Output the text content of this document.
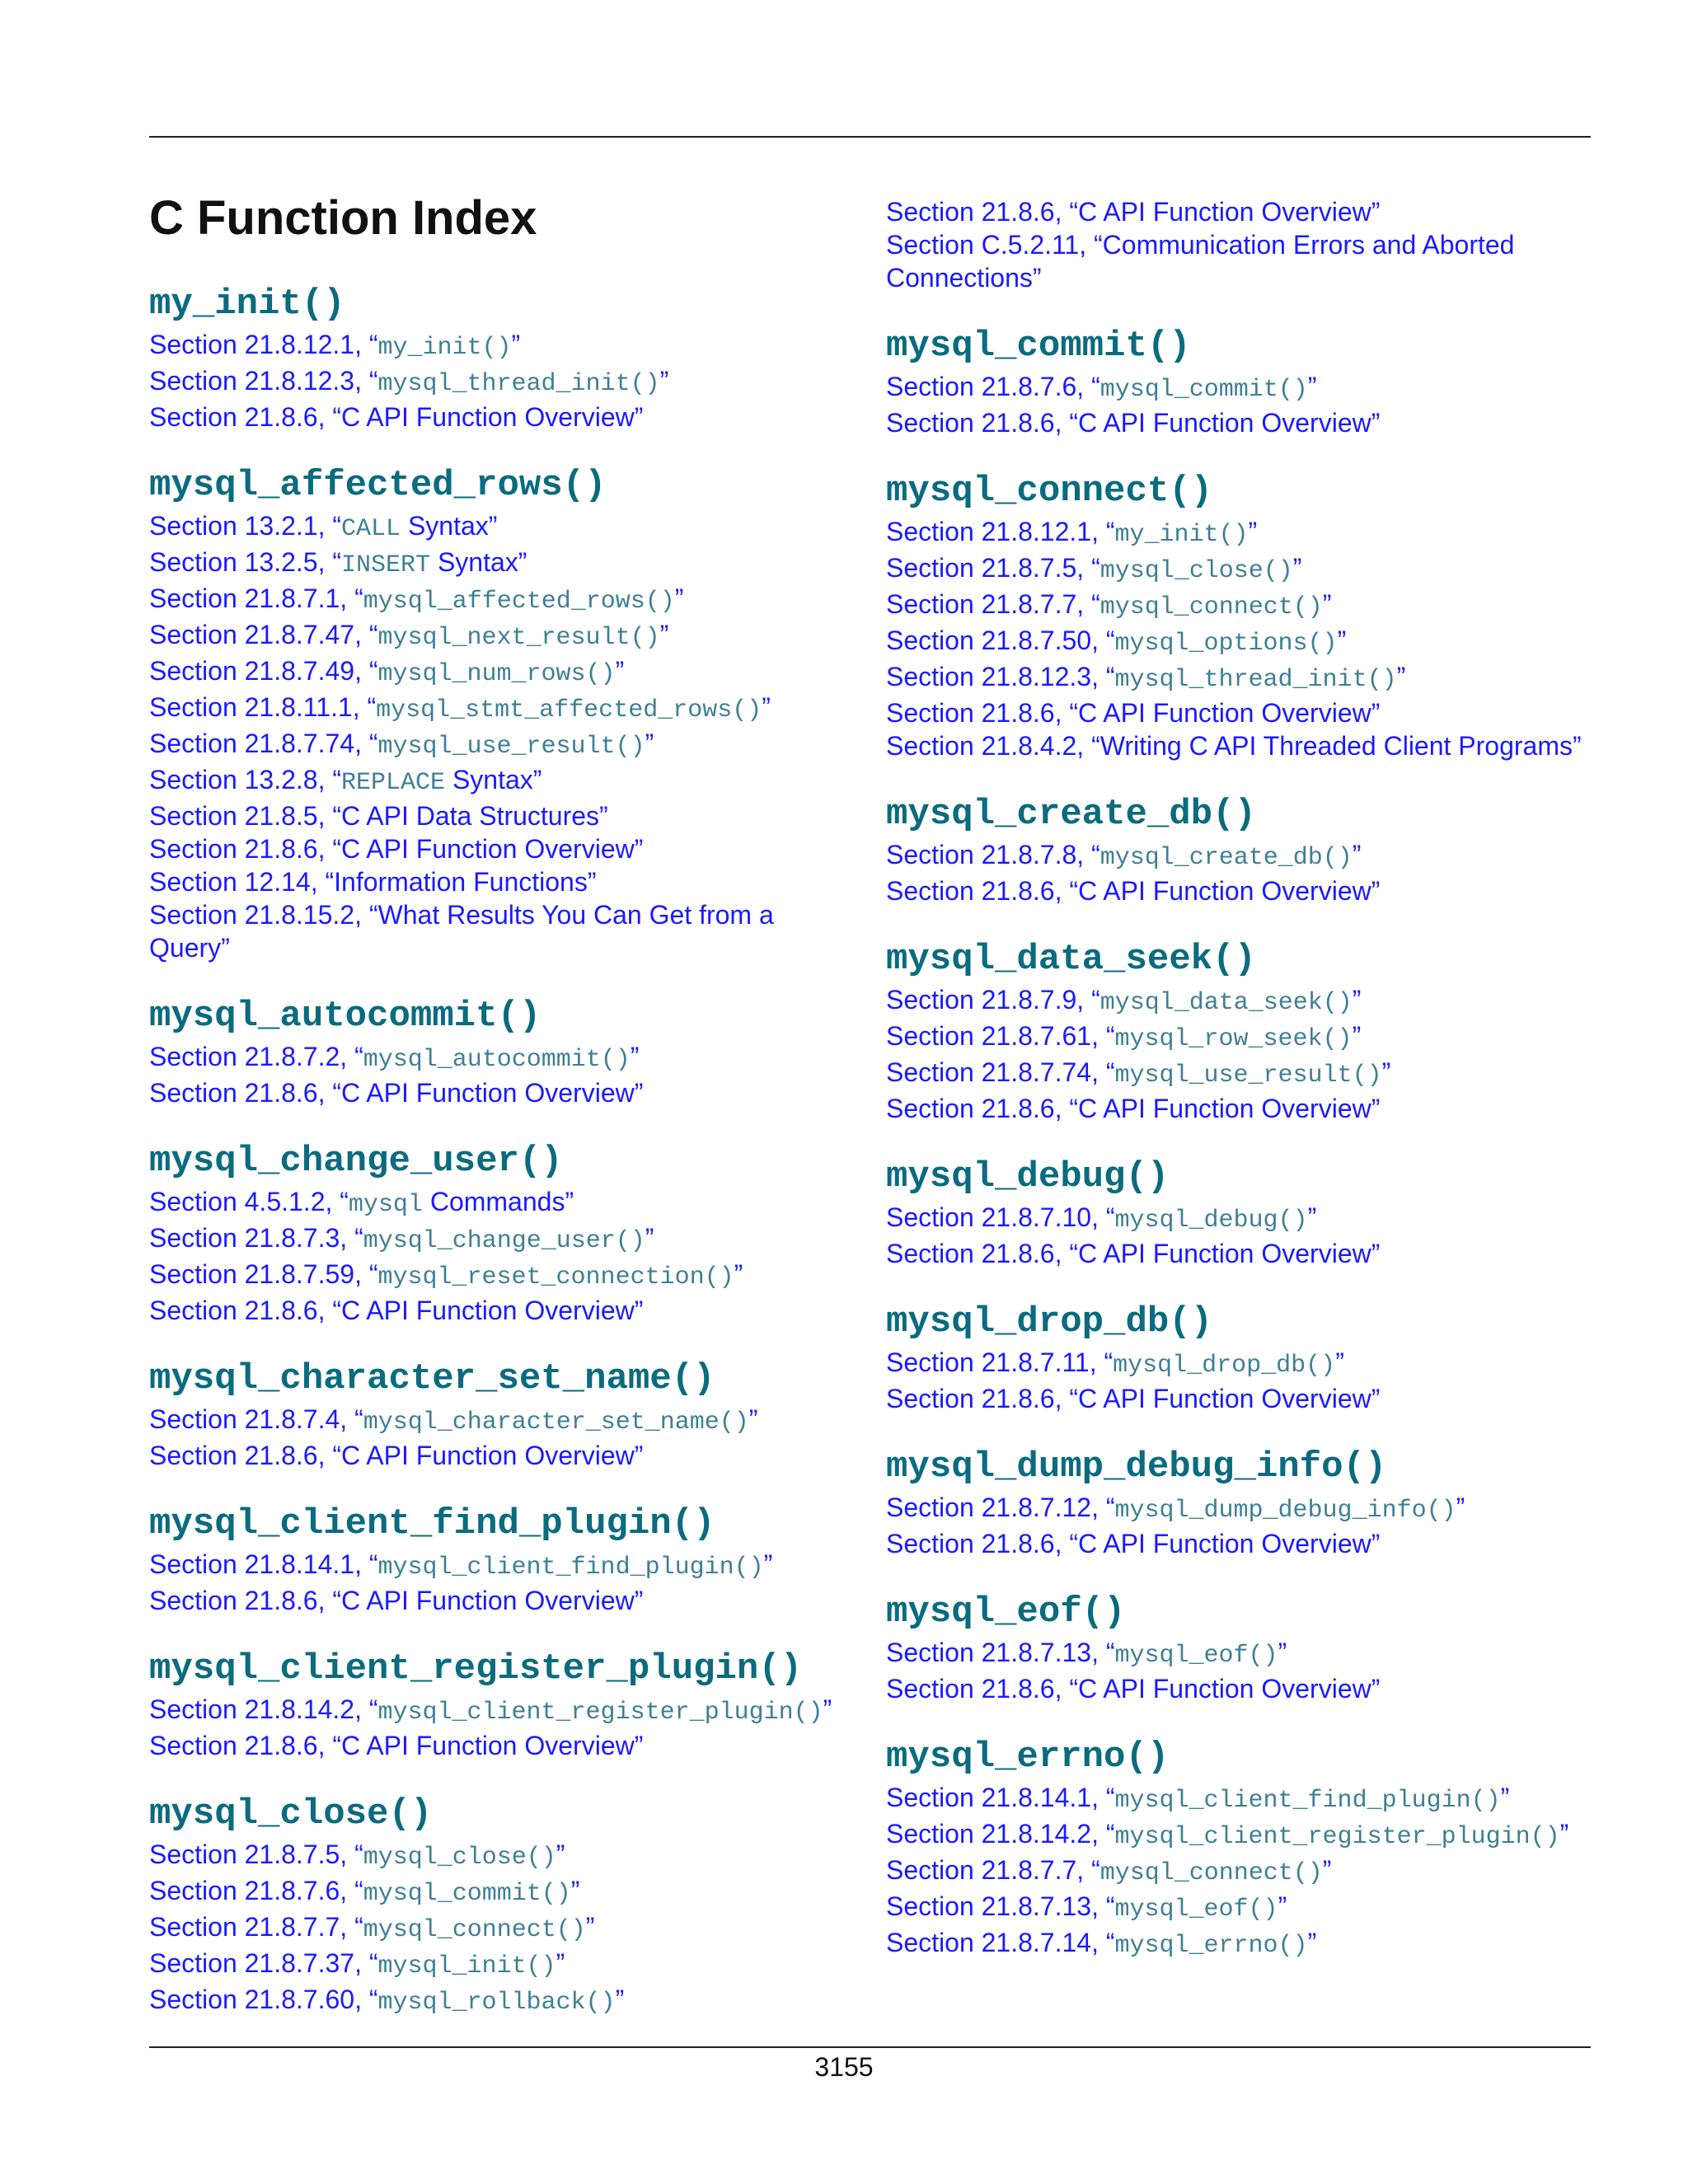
C Function Index
my_init()
Section 21.8.12.1, “my_init()”
Section 21.8.12.3, “mysql_thread_init()”
Section 21.8.6, “C API Function Overview”
mysql_affected_rows()
Section 13.2.1, “CALL Syntax”
Section 13.2.5, “INSERT Syntax”
Section 21.8.7.1, “mysql_affected_rows()”
Section 21.8.7.47, “mysql_next_result()”
Section 21.8.7.49, “mysql_num_rows()”
Section 21.8.11.1, “mysql_stmt_affected_rows()”
Section 21.8.7.74, “mysql_use_result()”
Section 13.2.8, “REPLACE Syntax”
Section 21.8.5, “C API Data Structures”
Section 21.8.6, “C API Function Overview”
Section 12.14, “Information Functions”
Section 21.8.15.2, “What Results You Can Get from a Query”
mysql_autocommit()
Section 21.8.7.2, “mysql_autocommit()”
Section 21.8.6, “C API Function Overview”
mysql_change_user()
Section 4.5.1.2, “mysql Commands”
Section 21.8.7.3, “mysql_change_user()”
Section 21.8.7.59, “mysql_reset_connection()”
Section 21.8.6, “C API Function Overview”
mysql_character_set_name()
Section 21.8.7.4, “mysql_character_set_name()”
Section 21.8.6, “C API Function Overview”
mysql_client_find_plugin()
Section 21.8.14.1, “mysql_client_find_plugin()”
Section 21.8.6, “C API Function Overview”
mysql_client_register_plugin()
Section 21.8.14.2, “mysql_client_register_plugin()”
Section 21.8.6, “C API Function Overview”
mysql_close()
Section 21.8.7.5, “mysql_close()”
Section 21.8.7.6, “mysql_commit()”
Section 21.8.7.7, “mysql_connect()”
Section 21.8.7.37, “mysql_init()”
Section 21.8.7.60, “mysql_rollback()”
Section 21.8.6, “C API Function Overview”
Section C.5.2.11, “Communication Errors and Aborted Connections”
mysql_commit()
Section 21.8.7.6, “mysql_commit()”
Section 21.8.6, “C API Function Overview”
mysql_connect()
Section 21.8.12.1, “my_init()”
Section 21.8.7.5, “mysql_close()”
Section 21.8.7.7, “mysql_connect()”
Section 21.8.7.50, “mysql_options()”
Section 21.8.12.3, “mysql_thread_init()”
Section 21.8.6, “C API Function Overview”
Section 21.8.4.2, “Writing C API Threaded Client Programs”
mysql_create_db()
Section 21.8.7.8, “mysql_create_db()”
Section 21.8.6, “C API Function Overview”
mysql_data_seek()
Section 21.8.7.9, “mysql_data_seek()”
Section 21.8.7.61, “mysql_row_seek()”
Section 21.8.7.74, “mysql_use_result()”
Section 21.8.6, “C API Function Overview”
mysql_debug()
Section 21.8.7.10, “mysql_debug()”
Section 21.8.6, “C API Function Overview”
mysql_drop_db()
Section 21.8.7.11, “mysql_drop_db()”
Section 21.8.6, “C API Function Overview”
mysql_dump_debug_info()
Section 21.8.7.12, “mysql_dump_debug_info()”
Section 21.8.6, “C API Function Overview”
mysql_eof()
Section 21.8.7.13, “mysql_eof()”
Section 21.8.6, “C API Function Overview”
mysql_errno()
Section 21.8.14.1, “mysql_client_find_plugin()”
Section 21.8.14.2, “mysql_client_register_plugin()”
Section 21.8.7.7, “mysql_connect()”
Section 21.8.7.13, “mysql_eof()”
Section 21.8.7.14, “mysql_errno()”
3155
